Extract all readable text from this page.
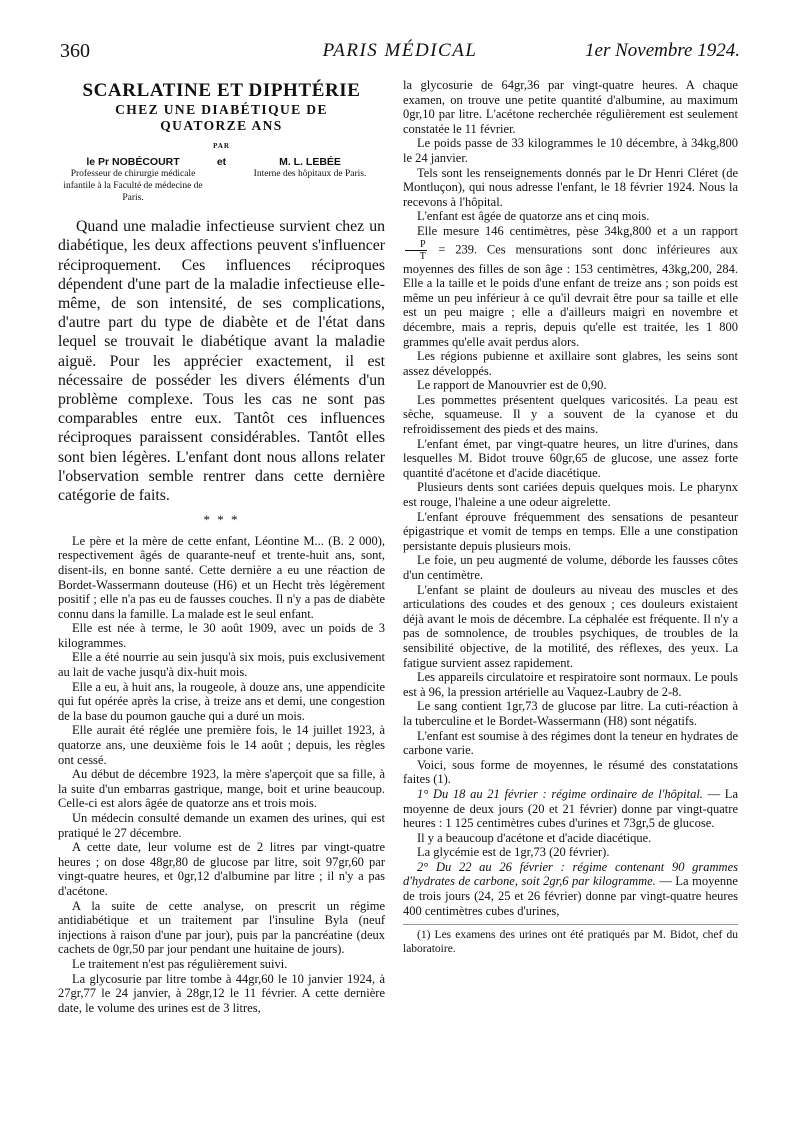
360	PARIS MÉDICAL	1er Novembre 1924.
SCARLATINE ET DIPHTÉRIE
CHEZ UNE DIABÉTIQUE DE
QUATORZE ANS
PAR
le Pr NOBÉCOURT
Professeur de chirurgie médicale infantile à la Faculté de médecine de Paris.
et	M. L. LEBÉE
Interne des hôpitaux de Paris.

Quand une maladie infectieuse survient chez un diabétique, les deux affections peuvent s'influencer réciproquement. Ces influences réciproques dépendent d'une part de la maladie infectieuse elle-même, de son intensité, de ses complications, d'autre part du type de diabète et de l'état dans lequel se trouvait le diabétique avant la maladie aiguë. Pour les apprécier exactement, il est nécessaire de posséder les divers éléments d'un problème complexe. Tous les cas ne sont pas comparables entre eux. Tantôt ces influences réciproques paraissent considérables. Tantôt elles sont bien légères. L'enfant dont nous allons relater l'observation semble rentrer dans cette dernière catégorie de faits.

* * *

Le père et la mère de cette enfant, Léontine M... (B. 2 000), respectivement âgés de quarante-neuf et trente-huit ans, sont, disent-ils, en bonne santé. Cette dernière a eu une réaction de Bordet-Wassermann douteuse (H6) et un Hecht très légèrement positif ; elle n'a pas eu de fausses couches. Il n'y a pas de diabète connu dans la famille. La malade est le seul enfant.

Elle est née à terme, le 30 août 1909, avec un poids de 3 kilogrammes.

Elle a été nourrie au sein jusqu'à six mois, puis exclusivement au lait de vache jusqu'à dix-huit mois.

Elle a eu, à huit ans, la rougeole, à douze ans, une appendicite qui fut opérée après la crise, à treize ans et demi, une congestion de la base du poumon gauche qui a duré un mois.

Elle aurait été réglée une première fois, le 14 juillet 1923, à quatorze ans, une deuxième fois le 14 août ; depuis, les règles ont cessé.

Au début de décembre 1923, la mère s'aperçoit que sa fille, à la suite d'un embarras gastrique, mange, boit et urine beaucoup. Celle-ci est alors âgée de quatorze ans et trois mois.

Un médecin consulté demande un examen des urines, qui est pratiqué le 27 décembre.

A cette date, leur volume est de 2 litres par vingt-quatre heures ; on dose 48gr,80 de glucose par litre, soit 97gr,60 par vingt-quatre heures, et 0gr,12 d'albumine par litre ; il n'y a pas d'acétone.

A la suite de cette analyse, on prescrit un régime antidiabétique et un traitement par l'insuline Byla (neuf injections à raison d'une par jour), puis par la pancréatine (deux cachets de 0gr,50 par jour pendant une huitaine de jours).

Le traitement n'est pas régulièrement suivi.

La glycosurie par litre tombe à 44gr,60 le 10 janvier 1924, à 27gr,77 le 24 janvier, à 28gr,12 le 11 février. A cette dernière date, le volume des urines est de 3 litres,

la glycosurie de 64gr,36 par vingt-quatre heures. A chaque examen, on trouve une petite quantité d'albumine, au maximum 0gr,10 par litre. L'acétone recherchée régulièrement est seulement constatée le 11 février.

Le poids passe de 33 kilogrammes le 10 décembre, à 34kg,800 le 24 janvier.

Tels sont les renseignements donnés par le Dr Henri Cléret (de Montluçon), qui nous adresse l'enfant, le 18 février 1924. Nous la recevons à l'hôpital.

L'enfant est âgée de quatorze ans et cinq mois.

Elle mesure 146 centimètres, pèse 34kg,800 et a un rapport
$\frac{P}{T} = 239$. Ces mensurations sont donc inférieures aux moyennes des filles de son âge : 153 centimètres, 43kg,200, 284. Elle a la taille et le poids d'une enfant de treize ans ; son poids est même un peu inférieur à ce qu'il devrait être pour sa taille et elle est un peu maigre ; elle a d'ailleurs maigri en novembre et décembre, mais a repris, depuis qu'elle est traitée, les 1 800 grammes qu'elle avait perdus alors.

Les régions pubienne et axillaire sont glabres, les seins sont assez développés.

Le rapport de Manouvrier est de 0,90.

Les pommettes présentent quelques varicosités. La peau est sèche, squameuse. Il y a souvent de la cyanose et du refroidissement des pieds et des mains.

L'enfant émet, par vingt-quatre heures, un litre d'urines, dans lesquelles M. Bidot trouve 60gr,65 de glucose, une assez forte quantité d'acétone et d'acide diacétique.

Plusieurs dents sont cariées depuis quelques mois. Le pharynx est rouge, l'haleine a une odeur aigrelette.

L'enfant éprouve fréquemment des sensations de pesanteur épigastrique et vomit de temps en temps. Elle a une constipation persistante depuis plusieurs mois.

Le foie, un peu augmenté de volume, déborde les fausses côtes d'un centimètre.

L'enfant se plaint de douleurs au niveau des muscles et des articulations des coudes et des genoux ; ces douleurs existaient déjà avant le mois de décembre. La céphalée est fréquente. Il n'y a pas de somnolence, de troubles psychiques, de troubles de la sensibilité objective, de la motilité, des réflexes, des yeux. La fatigue survient assez rapidement.

Les appareils circulatoire et respiratoire sont normaux. Le pouls est à 96, la pression artérielle au Vaquez-Laubry de 2-8.

Le sang contient 1gr,73 de glucose par litre. La cuti-réaction à la tuberculine et le Bordet-Wassermann (H8) sont négatifs.

L'enfant est soumise à des régimes dont la teneur en hydrates de carbone varie.

Voici, sous forme de moyennes, le résumé des constatations faites (1).

1° Du 18 au 21 février : régime ordinaire de l'hôpital. — La moyenne de deux jours (20 et 21 février) donne par vingt-quatre heures : 1 125 centimètres cubes d'urines et 73gr,5 de glucose.

Il y a beaucoup d'acétone et d'acide diacétique.

La glycémie est de 1gr,73 (20 février).

2° Du 22 au 26 février : régime contenant 90 grammes d'hydrates de carbone, soit 2gr,6 par kilogramme. — La moyenne de trois jours (24, 25 et 26 février) donne par vingt-quatre heures 400 centimètres cubes d'urines,

(1) Les examens des urines ont été pratiqués par M. Bidot, chef du laboratoire.
